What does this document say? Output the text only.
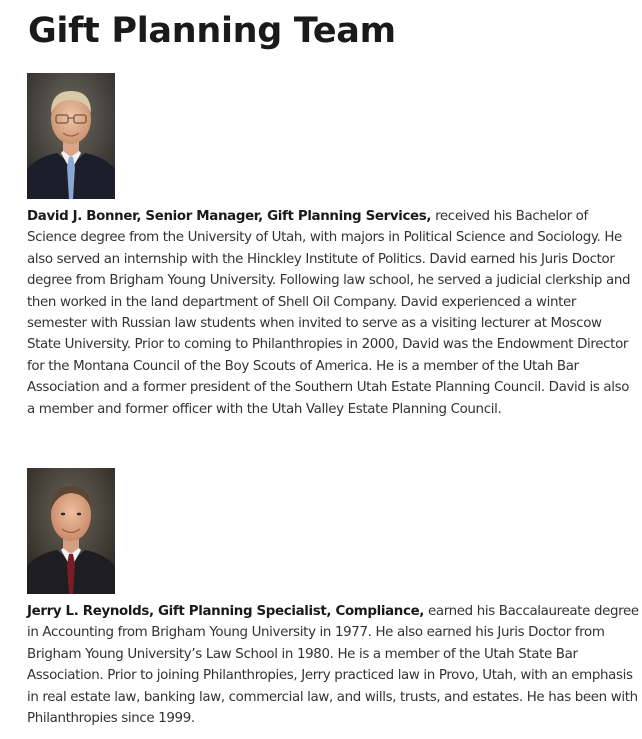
Gift Planning Team

David J. Bonner, Senior Manager, Gift Planning Services, received his Bachelor of Science degree from the University of Utah, with majors in Political Science and Sociology. He also served an internship with the Hinckley Institute of Politics. David earned his Juris Doctor degree from Brigham Young University. Following law school, he served a judicial clerkship and then worked in the land department of Shell Oil Company. David experienced a winter semester with Russian law students when invited to serve as a visiting lecturer at Moscow State University. Prior to coming to Philanthropies in 2000, David was the Endowment Director for the Montana Council of the Boy Scouts of America. He is a member of the Utah Bar Association and a former president of the Southern Utah Estate Planning Council. David is also a member and former officer with the Utah Valley Estate Planning Council.

Jerry L. Reynolds, Gift Planning Specialist, Compliance, earned his Baccalaureate degree in Accounting from Brigham Young University in 1977. He also earned his Juris Doctor from Brigham Young University’s Law School in 1980. He is a member of the Utah State Bar Association. Prior to joining Philanthropies, Jerry practiced law in Provo, Utah, with an emphasis in real estate law, banking law, commercial law, and wills, trusts, and estates. He has been with Philanthropies since 1999.
